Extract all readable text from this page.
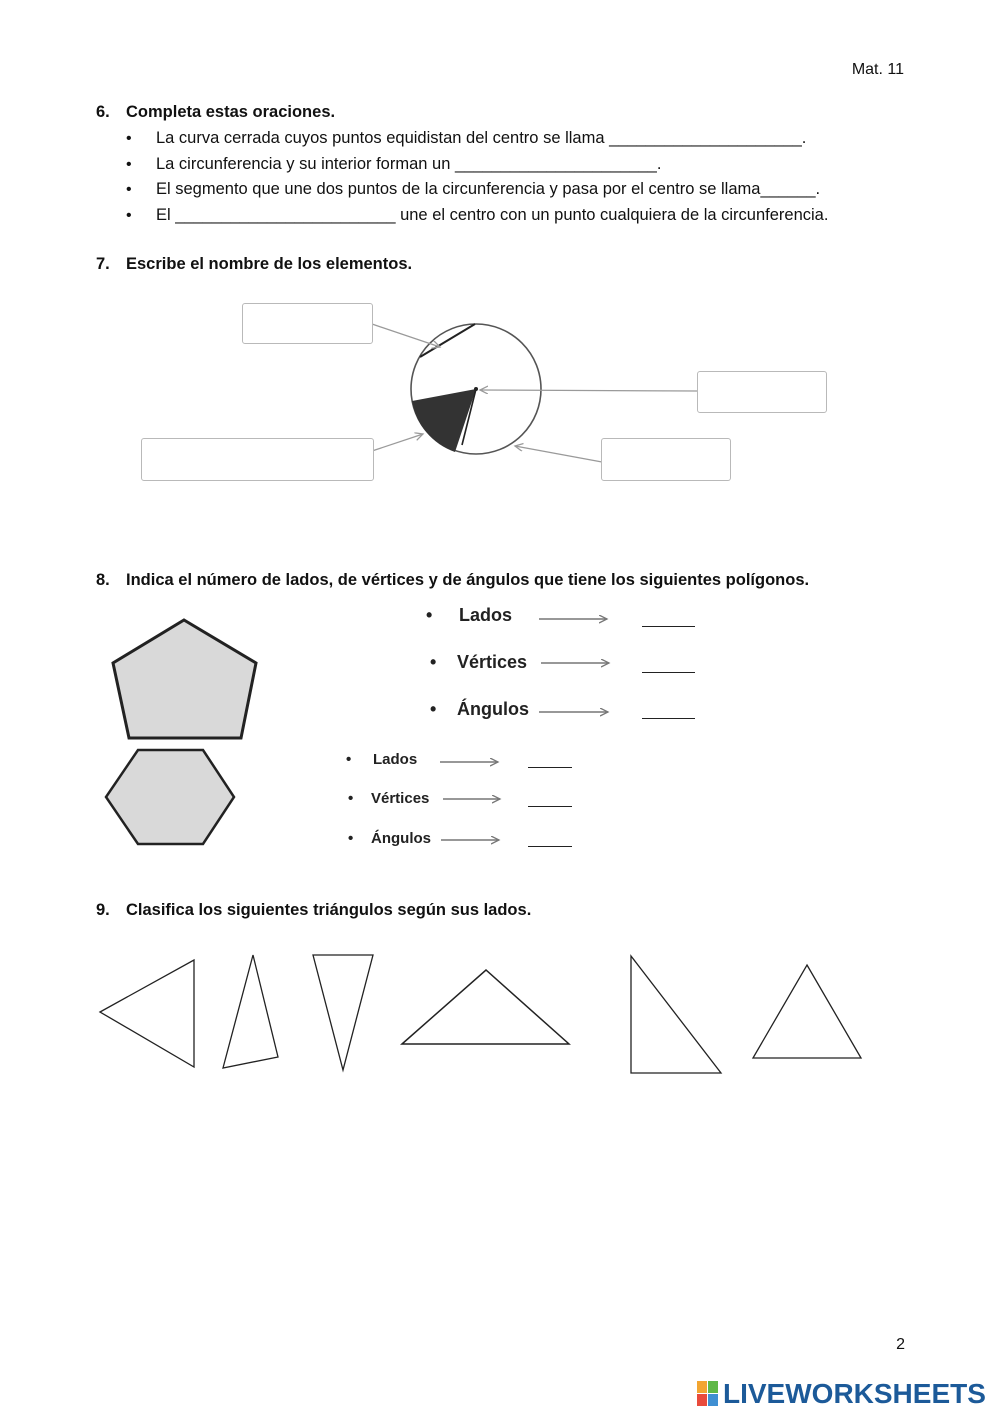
Mat. 11
6. Completa estas oraciones.
• La curva cerrada cuyos puntos equidistan del centro se llama _____________________.
• La circunferencia y su interior forman un ______________________.
• El segmento que une dos puntos de la circunferencia y pasa por el centro se llama______.
• El ________________________ une el centro con un punto cualquiera de la circunferencia.
7. Escribe el nombre de los elementos.
8. Indica el número de lados, de vértices y de ángulos que tiene los siguientes polígonos.
• Lados
• Vértices
• Ángulos
• Lados
• Vértices
• Ángulos
9. Clasifica los siguientes triángulos según sus lados.
2
LIVEWORKSHEETS
